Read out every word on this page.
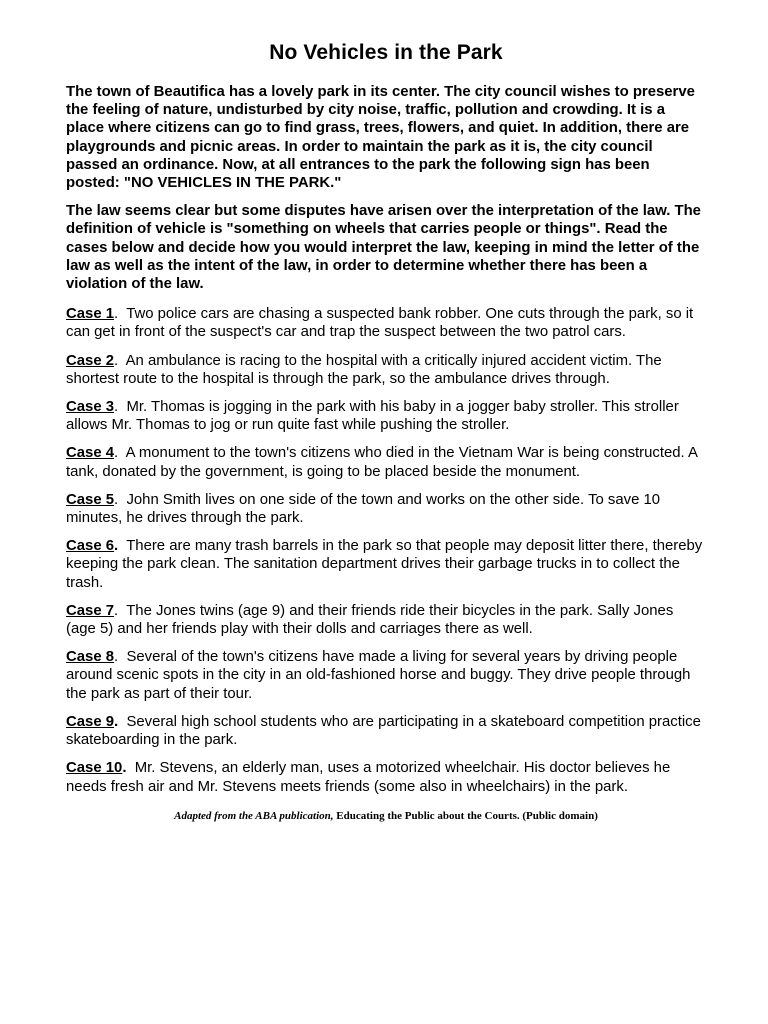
No Vehicles in the Park

The town of Beautifica has a lovely park in its center. The city council wishes to preserve the feeling of nature, undisturbed by city noise, traffic, pollution and crowding. It is a place where citizens can go to find grass, trees, flowers, and quiet. In addition, there are playgrounds and picnic areas. In order to maintain the park as it is, the city council passed an ordinance. Now, at all entrances to the park the following sign has been posted: "NO VEHICLES IN THE PARK."

The law seems clear but some disputes have arisen over the interpretation of the law. The definition of vehicle is "something on wheels that carries people or things". Read the cases below and decide how you would interpret the law, keeping in mind the letter of the law as well as the intent of the law, in order to determine whether there has been a violation of the law.

Case 1. Two police cars are chasing a suspected bank robber. One cuts through the park, so it can get in front of the suspect's car and trap the suspect between the two patrol cars.

Case 2. An ambulance is racing to the hospital with a critically injured accident victim. The shortest route to the hospital is through the park, so the ambulance drives through.

Case 3. Mr. Thomas is jogging in the park with his baby in a jogger baby stroller. This stroller allows Mr. Thomas to jog or run quite fast while pushing the stroller.

Case 4. A monument to the town's citizens who died in the Vietnam War is being constructed. A tank, donated by the government, is going to be placed beside the monument.

Case 5. John Smith lives on one side of the town and works on the other side. To save 10 minutes, he drives through the park.

Case 6. There are many trash barrels in the park so that people may deposit litter there, thereby keeping the park clean. The sanitation department drives their garbage trucks in to collect the trash.

Case 7. The Jones twins (age 9) and their friends ride their bicycles in the park. Sally Jones (age 5) and her friends play with their dolls and carriages there as well.

Case 8. Several of the town's citizens have made a living for several years by driving people around scenic spots in the city in an old-fashioned horse and buggy. They drive people through the park as part of their tour.

Case 9. Several high school students who are participating in a skateboard competition practice skateboarding in the park.

Case 10. Mr. Stevens, an elderly man, uses a motorized wheelchair. His doctor believes he needs fresh air and Mr. Stevens meets friends (some also in wheelchairs) in the park.

Adapted from the ABA publication, Educating the Public about the Courts. (Public domain)
